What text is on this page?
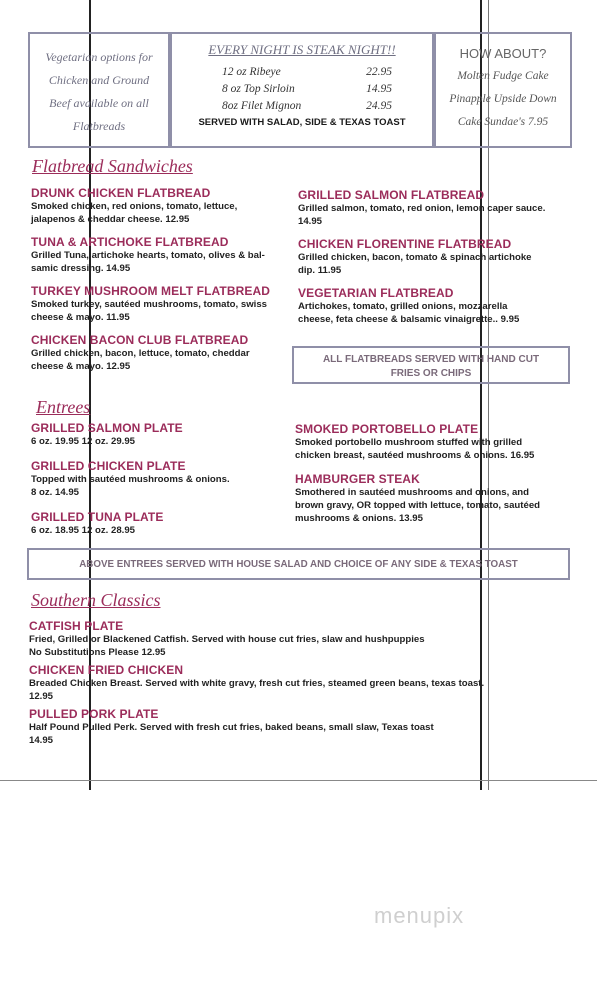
Vegetarian options for
Chicken and Ground
Beef available on all
Flatbreads
EVERY NIGHT IS STEAK NIGHT!!
12 oz Ribeye	22.95
8 oz Top Sirloin	14.95
8oz Filet Mignon	24.95
SERVED WITH SALAD, SIDE & TEXAS TOAST
HOW ABOUT?
Molten Fudge Cake
Pinapple Upside Down
Cake Sundae's 7.95
Flatbread Sandwiches
DRUNK CHICKEN FLATBREAD
Smoked chicken, red onions, tomato, lettuce,
jalapenos & cheddar cheese. 12.95
TUNA & ARTICHOKE FLATBREAD
Grilled Tuna, artichoke hearts, tomato, olives & bal-
samic dressing. 14.95
TURKEY MUSHROOM MELT FLATBREAD
Smoked turkey, sautéed mushrooms, tomato, swiss
cheese & mayo. 11.95
CHICKEN BACON CLUB FLATBREAD
Grilled chicken, bacon, lettuce, tomato, cheddar
cheese & mayo. 12.95
GRILLED SALMON FLATBREAD
Grilled salmon, tomato, red onion, lemon caper sauce.
14.95
CHICKEN FLORENTINE FLATBREAD
Grilled chicken, bacon, tomato & spinach artichoke
dip. 11.95
VEGETARIAN FLATBREAD
Artichokes, tomato, grilled onions, mozzarella
cheese, feta cheese & balsamic vinaigrette.. 9.95
ALL FLATBREADS SERVED WITH HAND CUT
FRIES OR CHIPS
Entrees
GRILLED SALMON PLATE
6 oz. 19.95 12 oz. 29.95
GRILLED CHICKEN PLATE
Topped with sautéed mushrooms & onions.
8 oz. 14.95
GRILLED TUNA PLATE
6 oz. 18.95 12 oz. 28.95
SMOKED PORTOBELLO PLATE
Smoked portobello mushroom stuffed with grilled
chicken breast, sautéed mushrooms & onions. 16.95
HAMBURGER STEAK
Smothered in sautéed mushrooms and onions, and
brown gravy, OR topped with lettuce, tomato, sautéed
mushrooms & onions. 13.95
ABOVE ENTREES SERVED WITH HOUSE SALAD AND CHOICE OF ANY SIDE & TEXAS TOAST
Southern Classics
CATFISH PLATE
Fried, Grilled or Blackened Catfish. Served with house cut fries, slaw and hushpuppies
No Substitutions Please 12.95
CHICKEN FRIED CHICKEN
Breaded Chicken Breast. Served with white gravy, fresh cut fries, steamed green beans, texas toast.
12.95
PULLED PORK PLATE
Half Pound Pulled Perk. Served with fresh cut fries, baked beans, small slaw, Texas toast
14.95
menupix
